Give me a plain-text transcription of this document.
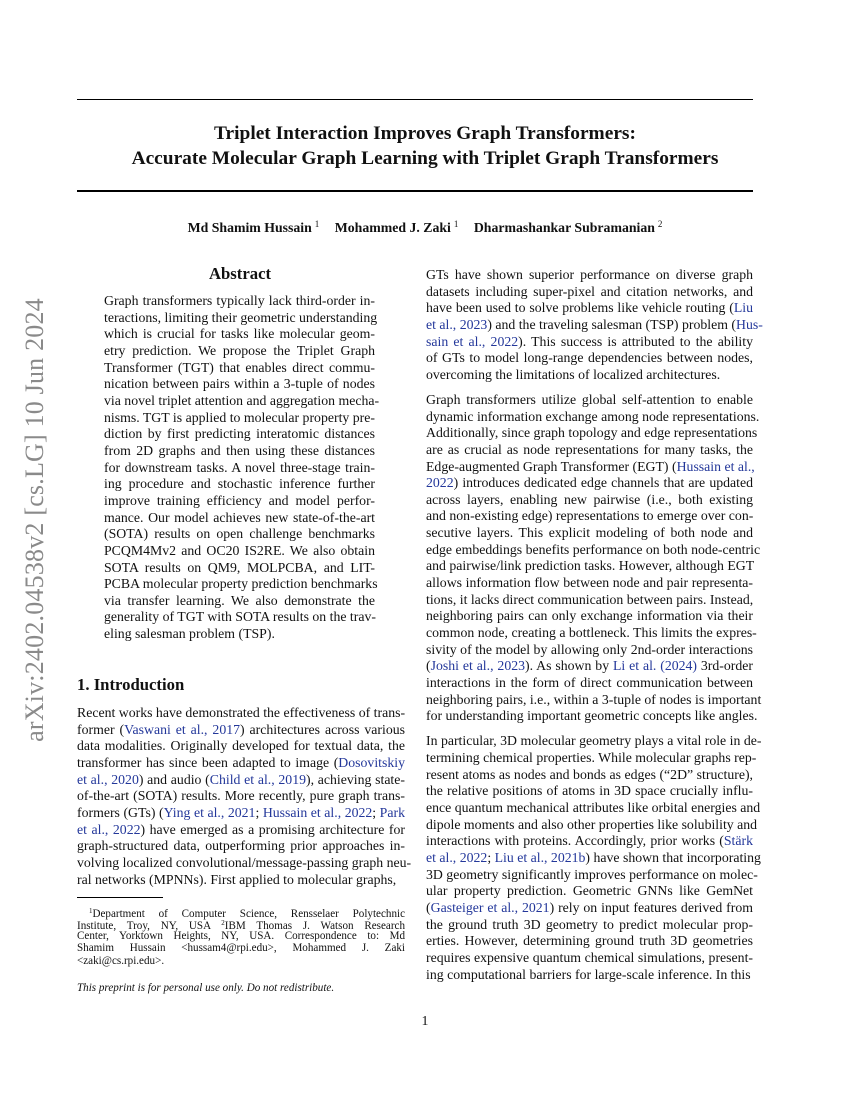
Triplet Interaction Improves Graph Transformers:
Accurate Molecular Graph Learning with Triplet Graph Transformers
Md Shamim Hussain $^1$ Mohammed J. Zaki $^1$ Dharmashankar Subramanian $^2$
arXiv:2402.04538v2 [cs.LG] 10 Jun 2024
Abstract
Graph transformers typically lack third-order in-
teractions, limiting their geometric understanding
which is crucial for tasks like molecular geom-
etry prediction. We propose the Triplet Graph
Transformer (TGT) that enables direct commu-
nication between pairs within a 3-tuple of nodes
via novel triplet attention and aggregation mecha-
nisms. TGT is applied to molecular property pre-
diction by first predicting interatomic distances
from 2D graphs and then using these distances
for downstream tasks. A novel three-stage train-
ing procedure and stochastic inference further
improve training efficiency and model perfor-
mance. Our model achieves new state-of-the-art
(SOTA) results on open challenge benchmarks
PCQM4Mv2 and OC20 IS2RE. We also obtain
SOTA results on QM9, MOLPCBA, and LIT-
PCBA molecular property prediction benchmarks
via transfer learning. We also demonstrate the
generality of TGT with SOTA results on the trav-
eling salesman problem (TSP).
1. Introduction
Recent works have demonstrated the effectiveness of trans-
former (Vaswani et al., 2017) architectures across various
data modalities. Originally developed for textual data, the
transformer has since been adapted to image (Dosovitskiy
et al., 2020) and audio (Child et al., 2019), achieving state-
of-the-art (SOTA) results. More recently, pure graph trans-
formers (GTs) (Ying et al., 2021; Hussain et al., 2022; Park
et al., 2022) have emerged as a promising architecture for
graph-structured data, outperforming prior approaches in-
volving localized convolutional/message-passing graph neu-
ral networks (MPNNs). First applied to molecular graphs,
$^1$Department of Computer Science, Rensselaer Polytechnic
Institute, Troy, NY, USA $^2$IBM Thomas J. Watson Research
Center, Yorktown Heights, NY, USA. Correspondence to: Md
Shamim Hussain <hussam4@rpi.edu>, Mohammed J. Zaki
<zaki@cs.rpi.edu>.
This preprint is for personal use only. Do not redistribute.
GTs have shown superior performance on diverse graph
datasets including super-pixel and citation networks, and
have been used to solve problems like vehicle routing (Liu
et al., 2023) and the traveling salesman (TSP) problem (Hus-
sain et al., 2022). This success is attributed to the ability
of GTs to model long-range dependencies between nodes,
overcoming the limitations of localized architectures.
Graph transformers utilize global self-attention to enable
dynamic information exchange among node representations.
Additionally, since graph topology and edge representations
are as crucial as node representations for many tasks, the
Edge-augmented Graph Transformer (EGT) (Hussain et al.,
2022) introduces dedicated edge channels that are updated
across layers, enabling new pairwise (i.e., both existing
and non-existing edge) representations to emerge over con-
secutive layers. This explicit modeling of both node and
edge embeddings benefits performance on both node-centric
and pairwise/link prediction tasks. However, although EGT
allows information flow between node and pair representa-
tions, it lacks direct communication between pairs. Instead,
neighboring pairs can only exchange information via their
common node, creating a bottleneck. This limits the expres-
sivity of the model by allowing only 2nd-order interactions
(Joshi et al., 2023). As shown by Li et al. (2024) 3rd-order
interactions in the form of direct communication between
neighboring pairs, i.e., within a 3-tuple of nodes is important
for understanding important geometric concepts like angles.
In particular, 3D molecular geometry plays a vital role in de-
termining chemical properties. While molecular graphs rep-
resent atoms as nodes and bonds as edges (“2D” structure),
the relative positions of atoms in 3D space crucially influ-
ence quantum mechanical attributes like orbital energies and
dipole moments and also other properties like solubility and
interactions with proteins. Accordingly, prior works (Stärk
et al., 2022; Liu et al., 2021b) have shown that incorporating
3D geometry significantly improves performance on molec-
ular property prediction. Geometric GNNs like GemNet
(Gasteiger et al., 2021) rely on input features derived from
the ground truth 3D geometry to predict molecular prop-
erties. However, determining ground truth 3D geometries
requires expensive quantum chemical simulations, present-
ing computational barriers for large-scale inference. In this
1
